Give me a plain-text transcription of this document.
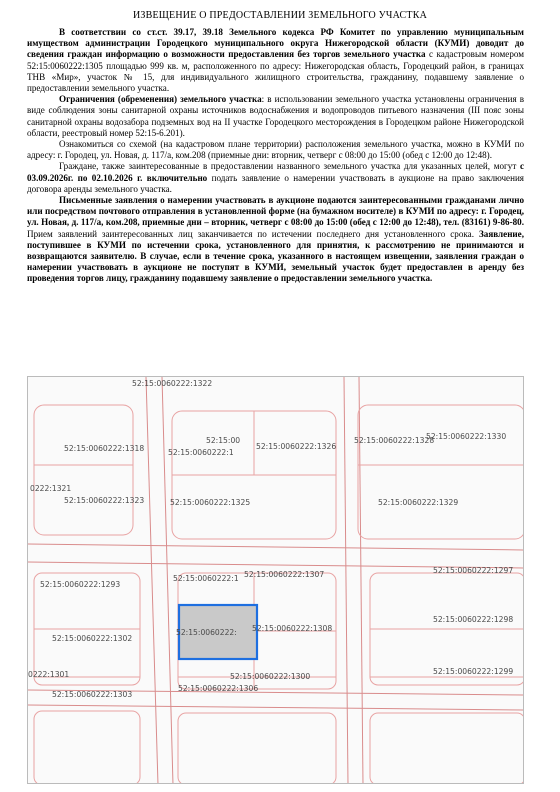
ИЗВЕЩЕНИЕ О ПРЕДОСТАВЛЕНИИ ЗЕМЕЛЬНОГО УЧАСТКА

В соответствии со ст.ст. 39.17, 39.18 Земельного кодекса РФ Комитет по управлению муниципальным имуществом администрации Городецкого муниципального округа Нижегородской области (КУМИ) доводит до сведения граждан информацию о возможности предоставления без торгов земельного участка с кадастровым номером 52:15:0060222:1305 площадью 999 кв. м, расположенного по адресу: Нижегородская область, Городецкий район, в границах ТНВ «Мир», участок № 15, для индивидуального жилищного строительства, гражданину, подавшему заявление о предоставлении земельного участка.

Ограничения (обременения) земельного участка: в использовании земельного участка установлены ограничения в виде соблюдения зоны санитарной охраны источников водоснабжения и водопроводов питьевого назначения (III пояс зоны санитарной охраны водозабора подземных вод на II участке Городецкого месторождения в Городецком районе Нижегородской области, реестровый номер 52:15-6.201).

Ознакомиться со схемой (на кадастровом плане территории) расположения земельного участка, можно в КУМИ по адресу: г. Городец, ул. Новая, д. 117/а, ком.208 (приемные дни: вторник, четверг с 08:00 до 15:00 (обед с 12:00 до 12:48).

Граждане, также заинтересованные в предоставлении названного земельного участка для указанных целей, могут с 03.09.2026г. по 02.10.2026 г. включительно подать заявление о намерении участвовать в аукционе на право заключения договора аренды земельного участка.

Письменные заявления о намерении участвовать в аукционе подаются заинтересованными гражданами лично или посредством почтового отправления в установленной форме (на бумажном носителе) в КУМИ по адресу: г. Городец, ул. Новая, д. 117/а, ком.208, приемные дни – вторник, четверг с 08:00 до 15:00 (обед с 12:00 до 12:48), тел. (83161) 9-86-80. Прием заявлений заинтересованных лиц заканчивается по истечении последнего дня установленного срока. Заявление, поступившее в КУМИ по истечении срока, установленного для принятия, к рассмотрению не принимаются и возвращаются заявителю. В случае, если в течение срока, указанного в настоящем извещении, заявления граждан о намерении участвовать в аукционе не поступят в КУМИ, земельный участок будет предоставлен в аренду без проведения торгов лицу, гражданину подавшему заявление о предоставлении земельного участка.

52:15:0060222:1322
52:15:0060222:1318
0222:1321
52:15:0060222:1323
52:15:00
52:15:0060222:1
52:15:0060222:1326
52:15:0060222:1325
52:15:0060222:1328
52:15:0060222:1330
52:15:0060222:1329
52:15:0060222:1297
52:15:0060222:1293
52:15:0060222:1 52:15:0060222:1307
52:15:0060222:1302
52:15:0060222: 52:15:0060222:1308
52:15:0060222:1298
0222:1301	52:15:0060222:1300
52:15:0060222:1303
52:15:0060222:1306
52:15:0060222:1299
